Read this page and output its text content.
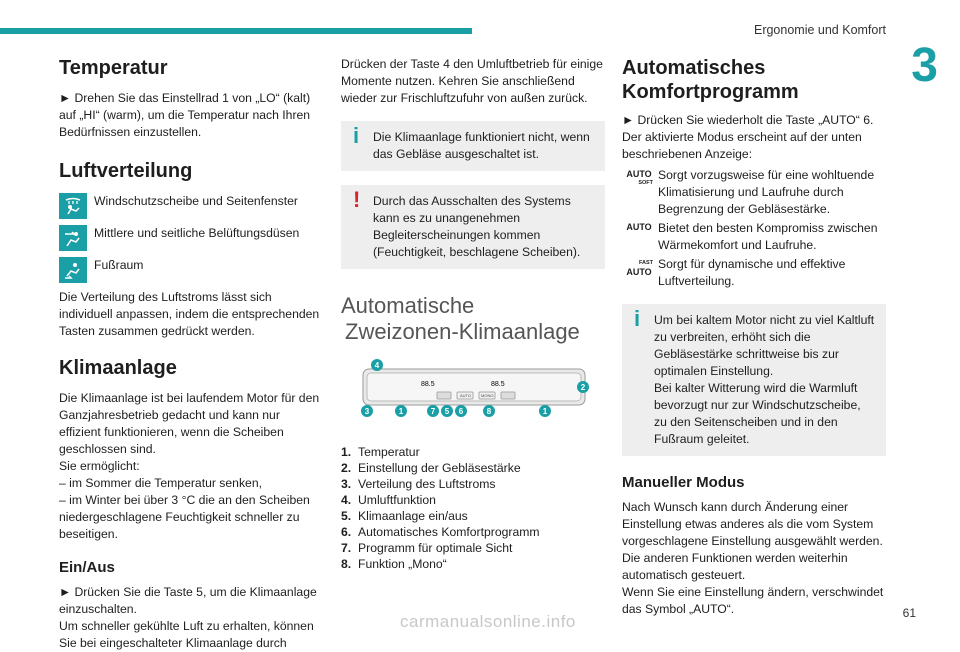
Ergonomie und Komfort
3
Temperatur

► Drehen Sie das Einstellrad 1 von „LO“ (kalt) auf „HI“ (warm), um die Temperatur nach Ihren Bedürfnissen einzustellen.

Luftverteilung
Windschutzscheibe und Seitenfenster
Mittlere und seitliche Belüftungsdüsen
Fußraum

Die Verteilung des Luftstroms lässt sich individuell anpassen, indem die entsprechenden Tasten zusammen gedrückt werden.

Klimaanlage

Die Klimaanlage ist bei laufendem Motor für den Ganzjahresbetrieb gedacht und kann nur effizient funktionieren, wenn die Scheiben geschlossen sind.
Sie ermöglicht:
– im Sommer die Temperatur senken,
– im Winter bei über 3 °C die an den Scheiben niedergeschlagene Feuchtigkeit schneller zu beseitigen.

Ein/Aus

► Drücken Sie die Taste 5, um die Klimaanlage einzuschalten.
Um schneller gekühlte Luft zu erhalten, können Sie bei eingeschalteter Klimaanlage durch

Drücken der Taste 4 den Umluftbetrieb für einige Momente nutzen. Kehren Sie anschließend wieder zur Frischluftzufuhr von außen zurück.

i Die Klimaanlage funktioniert nicht, wenn das Gebläse ausgeschaltet ist.

! Durch das Ausschalten des Systems kann es zu unangenehmen Begleiterscheinungen kommen (Feuchtigkeit, beschlagene Scheiben).

Automatische
Zweizonen-Klimaanlage
88.5	88.5
AUTO MONO
4
2
3	1	7 5 6	8	1
1. Temperatur
2. Einstellung der Gebläsestärke
3. Verteilung des Luftstroms
4. Umluftfunktion
5. Klimaanlage ein/aus
6. Automatisches Komfortprogramm
7. Programm für optimale Sicht
8. Funktion „Mono“
Automatisches Komfortprogramm

► Drücken Sie wiederholt die Taste „AUTO“ 6. Der aktivierte Modus erscheint auf der unten beschriebenen Anzeige:

AUTO
SOFT

Sorgt vorzugsweise für eine wohltuende Klimatisierung und Laufruhe durch Begrenzung der Gebläsestärke.

AUTO Bietet den besten Kompromiss zwischen Wärmekomfort und Laufruhe.

FAST
AUTO

Sorgt für dynamische und effektive Luftverteilung.

i Um bei kaltem Motor nicht zu viel Kaltluft zu verbreiten, erhöht sich die Gebläsestärke schrittweise bis zur optimalen Einstellung.
Bei kalter Witterung wird die Warmluft bevorzugt nur zur Windschutzscheibe, zu den Seitenscheiben und in den Fußraum geleitet.

Manueller Modus

Nach Wunsch kann durch Änderung einer Einstellung etwas anderes als die vom System vorgeschlagene Einstellung ausgewählt werden. Die anderen Funktionen werden weiterhin automatisch gesteuert.
Wenn Sie eine Einstellung ändern, verschwindet das Symbol „AUTO“.	61
carmanualsonline.info
